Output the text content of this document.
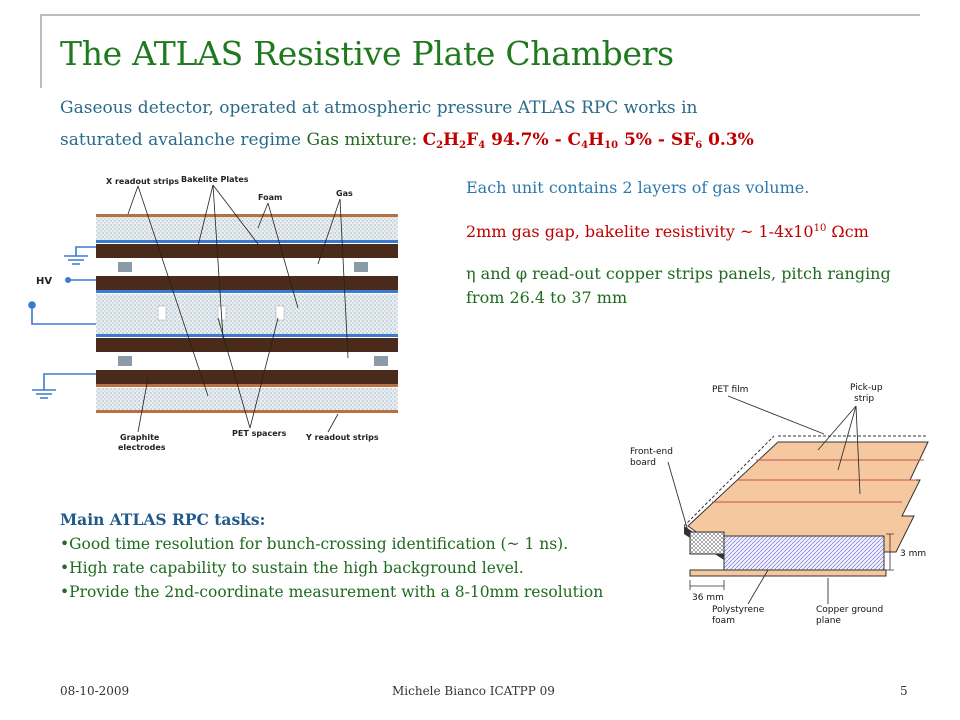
The ATLAS Resistive Plate Chambers
Gaseous detector, operated at atmospheric pressure ATLAS RPC works in
saturated avalanche regime Gas mixture: $C_2H_2F_4$ $94.7\% - C_4H_{10}$ $5\% - SF_6$ 0.3%
X readout strips Bakelite Plates
Foam	Gas
HV
Graphite
electrodes
PET spacers Y readout strips
Each unit contains 2 layers of gas volume.
2mm gas gap, bakelite resistivity ~ $1-4x10^{10}$ Ωcm
η and φ read-out copper strips panels, pitch ranging from 26.4 to 37 mm
3 mm
36 mm
PET film	Pick-up
strip
Front-end
board
Polystyrene
foam
Copper ground
plane
Main ATLAS RPC tasks:
•Good time resolution for bunch-crossing identification (~ 1 ns).
•High rate capability to sustain the high background level.
•Provide the 2nd-coordinate measurement with a 8-10mm resolution
08-10-2009	Michele Bianco ICATPP 09	5
